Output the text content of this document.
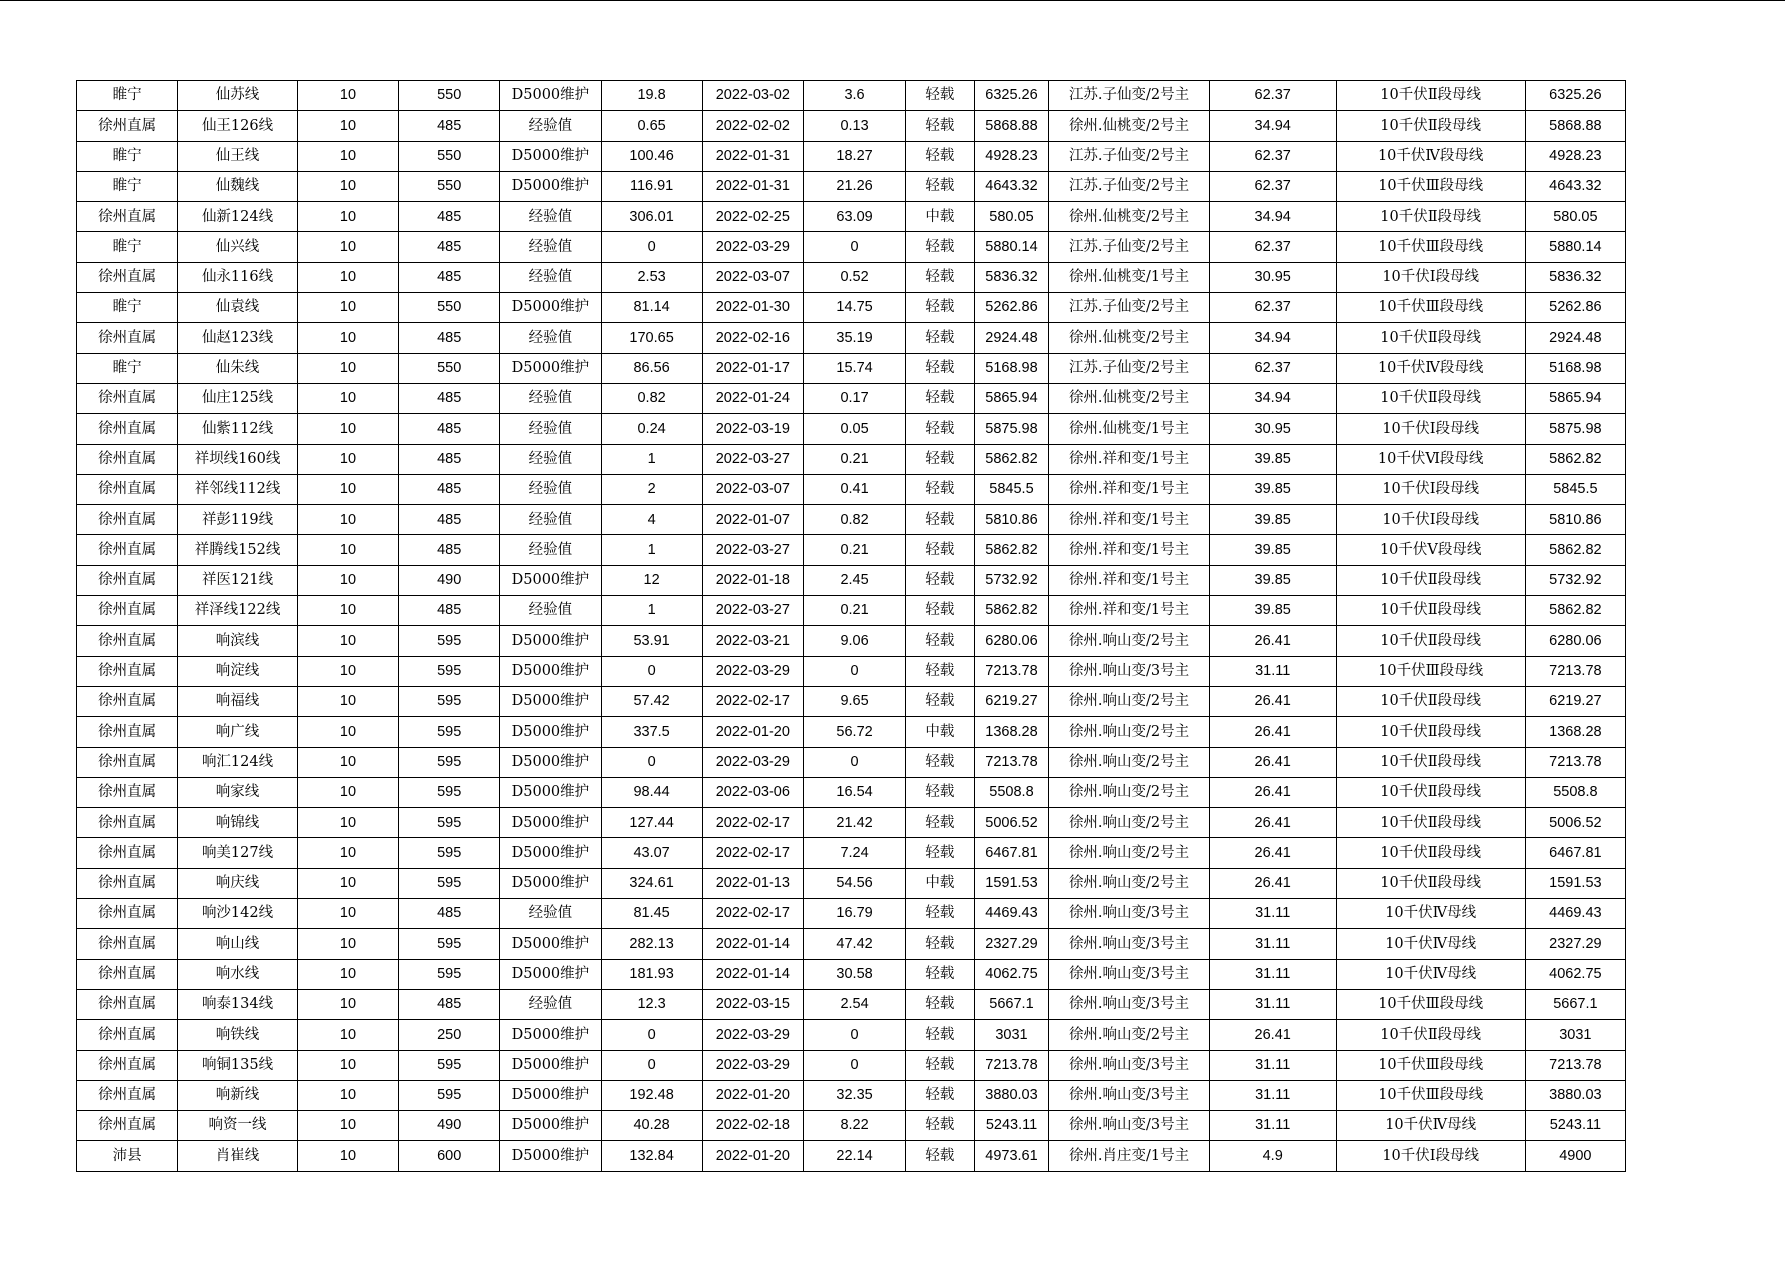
睢宁	仙苏线	10	550	D5000维护	19.8	2022-03-02	3.6	轻载	6325.26	江苏.子仙变/2号主	62.37	10千伏Ⅱ段母线	6325.26
徐州直属	仙王126线	10	485	经验值	0.65	2022-02-02	0.13	轻载	5868.88	徐州.仙桃变/2号主	34.94	10千伏Ⅱ段母线	5868.88
睢宁	仙王线	10	550	D5000维护	100.46	2022-01-31	18.27	轻载	4928.23	江苏.子仙变/2号主	62.37	10千伏Ⅳ段母线	4928.23
睢宁	仙魏线	10	550	D5000维护	116.91	2022-01-31	21.26	轻载	4643.32	江苏.子仙变/2号主	62.37	10千伏Ⅲ段母线	4643.32
徐州直属	仙新124线	10	485	经验值	306.01	2022-02-25	63.09	中载	580.05	徐州.仙桃变/2号主	34.94	10千伏Ⅱ段母线	580.05
睢宁	仙兴线	10	485	经验值	0	2022-03-29	0	轻载	5880.14	江苏.子仙变/2号主	62.37	10千伏Ⅲ段母线	5880.14
徐州直属	仙永116线	10	485	经验值	2.53	2022-03-07	0.52	轻载	5836.32	徐州.仙桃变/1号主	30.95	10千伏Ⅰ段母线	5836.32
睢宁	仙袁线	10	550	D5000维护	81.14	2022-01-30	14.75	轻载	5262.86	江苏.子仙变/2号主	62.37	10千伏Ⅲ段母线	5262.86
徐州直属	仙赵123线	10	485	经验值	170.65	2022-02-16	35.19	轻载	2924.48	徐州.仙桃变/2号主	34.94	10千伏Ⅱ段母线	2924.48
睢宁	仙朱线	10	550	D5000维护	86.56	2022-01-17	15.74	轻载	5168.98	江苏.子仙变/2号主	62.37	10千伏Ⅳ段母线	5168.98
徐州直属	仙庄125线	10	485	经验值	0.82	2022-01-24	0.17	轻载	5865.94	徐州.仙桃变/2号主	34.94	10千伏Ⅱ段母线	5865.94
徐州直属	仙紫112线	10	485	经验值	0.24	2022-03-19	0.05	轻载	5875.98	徐州.仙桃变/1号主	30.95	10千伏Ⅰ段母线	5875.98
徐州直属	祥坝线160线	10	485	经验值	1	2022-03-27	0.21	轻载	5862.82	徐州.祥和变/1号主	39.85	10千伏Ⅵ段母线	5862.82
徐州直属	祥邻线112线	10	485	经验值	2	2022-03-07	0.41	轻载	5845.5	徐州.祥和变/1号主	39.85	10千伏Ⅰ段母线	5845.5
徐州直属	祥彭119线	10	485	经验值	4	2022-01-07	0.82	轻载	5810.86	徐州.祥和变/1号主	39.85	10千伏Ⅰ段母线	5810.86
徐州直属	祥腾线152线	10	485	经验值	1	2022-03-27	0.21	轻载	5862.82	徐州.祥和变/1号主	39.85	10千伏Ⅴ段母线	5862.82
徐州直属	祥医121线	10	490	D5000维护	12	2022-01-18	2.45	轻载	5732.92	徐州.祥和变/1号主	39.85	10千伏Ⅱ段母线	5732.92
徐州直属	祥泽线122线	10	485	经验值	1	2022-03-27	0.21	轻载	5862.82	徐州.祥和变/1号主	39.85	10千伏Ⅱ段母线	5862.82
徐州直属	响滨线	10	595	D5000维护	53.91	2022-03-21	9.06	轻载	6280.06	徐州.响山变/2号主	26.41	10千伏Ⅱ段母线	6280.06
徐州直属	响淀线	10	595	D5000维护	0	2022-03-29	0	轻载	7213.78	徐州.响山变/3号主	31.11	10千伏Ⅲ段母线	7213.78
徐州直属	响福线	10	595	D5000维护	57.42	2022-02-17	9.65	轻载	6219.27	徐州.响山变/2号主	26.41	10千伏Ⅱ段母线	6219.27
徐州直属	响广线	10	595	D5000维护	337.5	2022-01-20	56.72	中载	1368.28	徐州.响山变/2号主	26.41	10千伏Ⅱ段母线	1368.28
徐州直属	响汇124线	10	595	D5000维护	0	2022-03-29	0	轻载	7213.78	徐州.响山变/2号主	26.41	10千伏Ⅱ段母线	7213.78
徐州直属	响家线	10	595	D5000维护	98.44	2022-03-06	16.54	轻载	5508.8	徐州.响山变/2号主	26.41	10千伏Ⅱ段母线	5508.8
徐州直属	响锦线	10	595	D5000维护	127.44	2022-02-17	21.42	轻载	5006.52	徐州.响山变/2号主	26.41	10千伏Ⅱ段母线	5006.52
徐州直属	响美127线	10	595	D5000维护	43.07	2022-02-17	7.24	轻载	6467.81	徐州.响山变/2号主	26.41	10千伏Ⅱ段母线	6467.81
徐州直属	响庆线	10	595	D5000维护	324.61	2022-01-13	54.56	中载	1591.53	徐州.响山变/2号主	26.41	10千伏Ⅱ段母线	1591.53
徐州直属	响沙142线	10	485	经验值	81.45	2022-02-17	16.79	轻载	4469.43	徐州.响山变/3号主	31.11	10千伏Ⅳ母线	4469.43
徐州直属	响山线	10	595	D5000维护	282.13	2022-01-14	47.42	轻载	2327.29	徐州.响山变/3号主	31.11	10千伏Ⅳ母线	2327.29
徐州直属	响水线	10	595	D5000维护	181.93	2022-01-14	30.58	轻载	4062.75	徐州.响山变/3号主	31.11	10千伏Ⅳ母线	4062.75
徐州直属	响泰134线	10	485	经验值	12.3	2022-03-15	2.54	轻载	5667.1	徐州.响山变/3号主	31.11	10千伏Ⅲ段母线	5667.1
徐州直属	响铁线	10	250	D5000维护	0	2022-03-29	0	轻载	3031	徐州.响山变/2号主	26.41	10千伏Ⅱ段母线	3031
徐州直属	响铜135线	10	595	D5000维护	0	2022-03-29	0	轻载	7213.78	徐州.响山变/3号主	31.11	10千伏Ⅲ段母线	7213.78
徐州直属	响新线	10	595	D5000维护	192.48	2022-01-20	32.35	轻载	3880.03	徐州.响山变/3号主	31.11	10千伏Ⅲ段母线	3880.03
徐州直属	响资一线	10	490	D5000维护	40.28	2022-02-18	8.22	轻载	5243.11	徐州.响山变/3号主	31.11	10千伏Ⅳ母线	5243.11
沛县	肖崔线	10	600	D5000维护	132.84	2022-01-20	22.14	轻载	4973.61	徐州.肖庄变/1号主	4.9	10千伏Ⅰ段母线	4900
